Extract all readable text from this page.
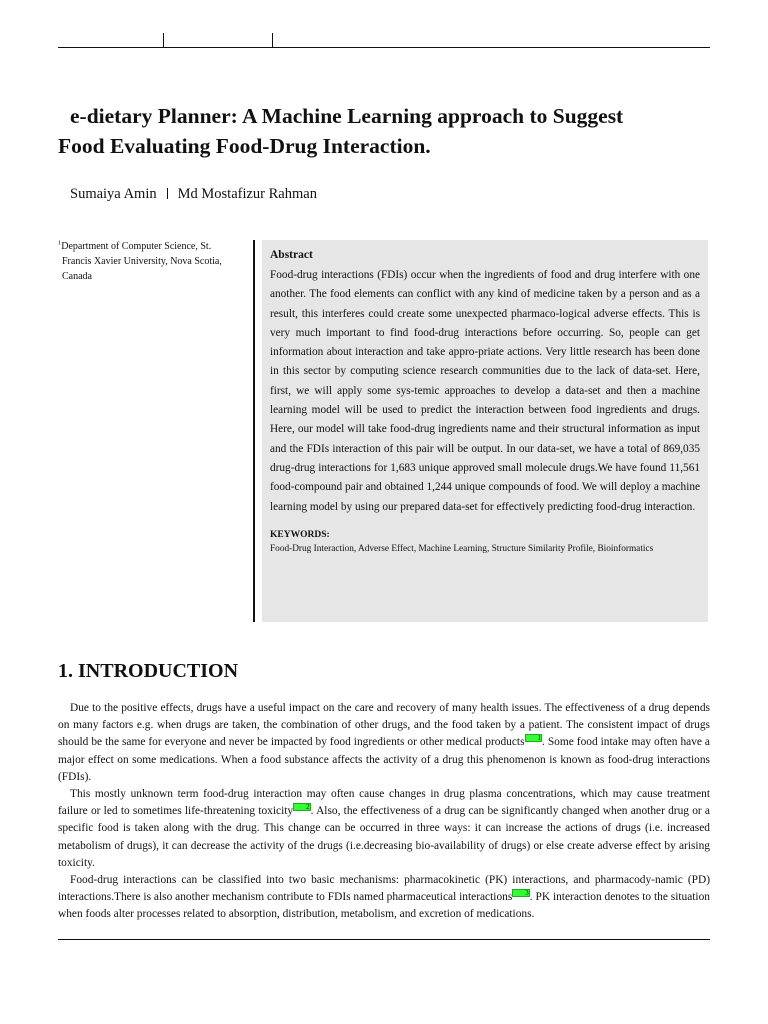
e-dietary Planner: A Machine Learning approach to Suggest
Food Evaluating Food-Drug Interaction.
Sumaiya Amin Md Mostafizur Rahman
$^1$Department of Computer Science, St.
Francis Xavier University, Nova Scotia,
Canada
Abstract

Food-drug interactions (FDIs) occur when the ingredients of food and drug interfere with one another. The food elements can conflict with any kind of medicine taken by a person and as a result, this interferes could create some unexpected pharmaco-logical adverse effects. This is very much important to find food-drug interactions before occurring. So, people can get information about interaction and take appro-priate actions. Very little research has been done in this sector by computing science research communities due to the lack of data-set. Here, first, we will apply some sys-temic approaches to develop a data-set and then a machine learning model will be used to predict the interaction between food ingredients and drugs. Here, our model will take food-drug ingredients name and their structural information as input and the FDIs interaction of this pair will be output. In our data-set, we have a total of 869,035 drug-drug interactions for 1,683 unique approved small molecule drugs.We have found 11,561 food-compound pair and obtained 1,244 unique compounds of food. We will deploy a machine learning model by using our prepared data-set for effectively predicting food-drug interaction.

KEYWORDS:
Food-Drug Interaction, Adverse Effect, Machine Learning, Structure Similarity Profile, Bioinformatics
1. INTRODUCTION

Due to the positive effects, drugs have a useful impact on the care and recovery of many health issues. The effectiveness of a drug depends on many factors e.g. when drugs are taken, the combination of other drugs, and the food taken by a patient. The consistent impact of drugs should be the same for everyone and never be impacted by food ingredients or other medical products 1. Some food intake may often have a major effect on some medications. When a food substance affects the activity of a drug this phenomenon is known as food-drug interactions (FDIs).

This mostly unknown term food-drug interaction may often cause changes in drug plasma concentrations, which may cause treatment failure or led to sometimes life-threatening toxicity 2. Also, the effectiveness of a drug can be significantly changed when another drug or a specific food is taken along with the drug. This change can be occurred in three ways: it can increase the actions of drugs (i.e. increased metabolism of drugs), it can decrease the activity of the drugs (i.e.decreasing bio-availability of drugs) or else create adverse effect by arising toxicity.

Food-drug interactions can be classified into two basic mechanisms: pharmacokinetic (PK) interactions, and pharmacody-namic (PD) interactions.There is also another mechanism contribute to FDIs named pharmaceutical interactions 3. PK interaction denotes to the situation when foods alter processes related to absorption, distribution, metabolism, and excretion of medications.
